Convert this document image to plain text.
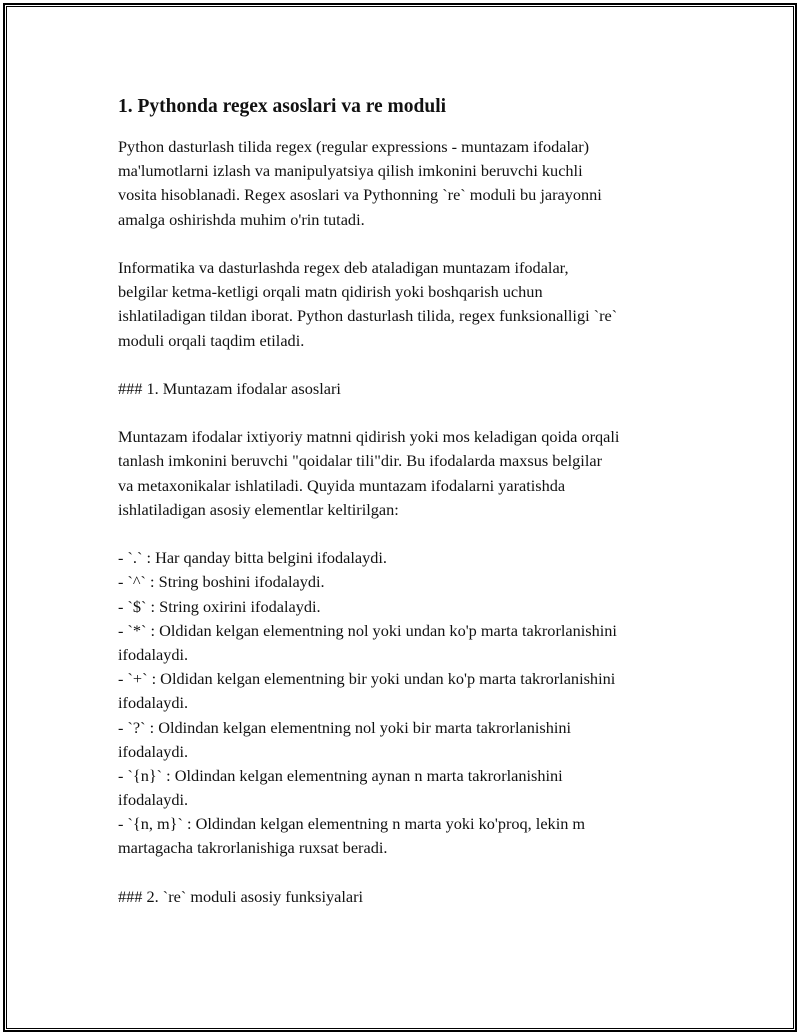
1. Pythonda regex asoslari va re moduli

Python dasturlash tilida regex (regular expressions - muntazam ifodalar)
ma'lumotlarni izlash va manipulyatsiya qilish imkonini beruvchi kuchli
vosita hisoblanadi. Regex asoslari va Pythonning `re` moduli bu jarayonni
amalga oshirishda muhim o'rin tutadi.

Informatika va dasturlashda regex deb ataladigan muntazam ifodalar,
belgilar ketma-ketligi orqali matn qidirish yoki boshqarish uchun
ishlatiladigan tildan iborat. Python dasturlash tilida, regex funksionalligi `re`
moduli orqali taqdim etiladi.

### 1. Muntazam ifodalar asoslari

Muntazam ifodalar ixtiyoriy matnni qidirish yoki mos keladigan qoida orqali
tanlash imkonini beruvchi "qoidalar tili"dir. Bu ifodalarda maxsus belgilar
va metaxonikalar ishlatiladi. Quyida muntazam ifodalarni yaratishda
ishlatiladigan asosiy elementlar keltirilgan:

- `.` : Har qanday bitta belgini ifodalaydi.
- `^` : String boshini ifodalaydi.
- `$` : String oxirini ifodalaydi.
- `*` : Oldidan kelgan elementning nol yoki undan ko'p marta takrorlanishini
ifodalaydi.
- `+` : Oldidan kelgan elementning bir yoki undan ko'p marta takrorlanishini
ifodalaydi.
- `?` : Oldindan kelgan elementning nol yoki bir marta takrorlanishini
ifodalaydi.
- `{n}` : Oldindan kelgan elementning aynan n marta takrorlanishini
ifodalaydi.
- `{n, m}` : Oldindan kelgan elementning n marta yoki ko'proq, lekin m
martagacha takrorlanishiga ruxsat beradi.

### 2. `re` moduli asosiy funksiyalari
